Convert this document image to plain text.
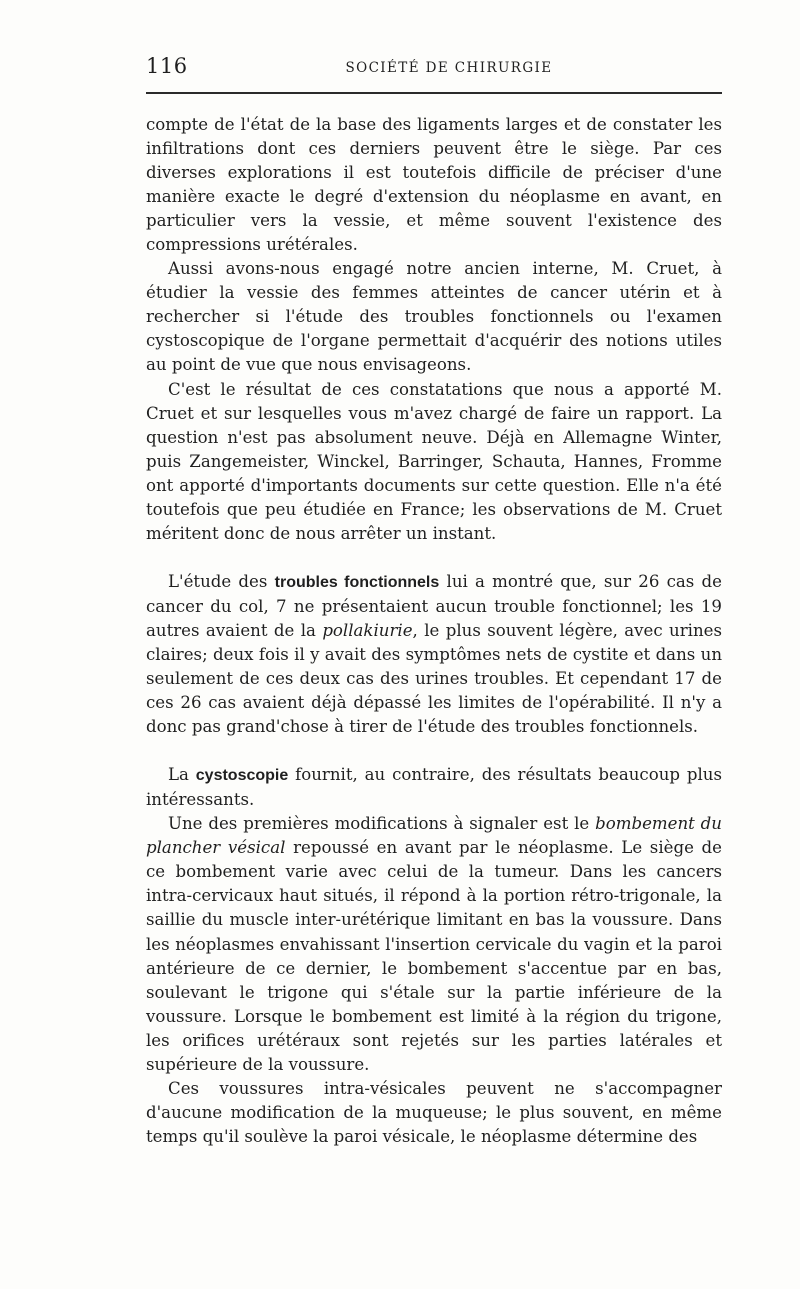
116	SOCIÉTÉ DE CHIRURGIE

compte de l'état de la base des ligaments larges et de constater les infiltrations dont ces derniers peuvent être le siège. Par ces diverses explorations il est toutefois difficile de préciser d'une manière exacte le degré d'extension du néoplasme en avant, en particulier vers la vessie, et même souvent l'existence des compressions urétérales.

Aussi avons-nous engagé notre ancien interne, M. Cruet, à étudier la vessie des femmes atteintes de cancer utérin et à rechercher si l'étude des troubles fonctionnels ou l'examen cystoscopique de l'organe permettait d'acquérir des notions utiles au point de vue que nous envisageons.

C'est le résultat de ces constatations que nous a apporté M. Cruet et sur lesquelles vous m'avez chargé de faire un rapport. La question n'est pas absolument neuve. Déjà en Allemagne Winter, puis Zangemeister, Winckel, Barringer, Schauta, Hannes, Fromme ont apporté d'importants documents sur cette question. Elle n'a été toutefois que peu étudiée en France; les observations de M. Cruet méritent donc de nous arrêter un instant.

L'étude des troubles fonctionnels lui a montré que, sur 26 cas de cancer du col, 7 ne présentaient aucun trouble fonctionnel; les 19 autres avaient de la pollakiurie, le plus souvent légère, avec urines claires; deux fois il y avait des symptômes nets de cystite et dans un seulement de ces deux cas des urines troubles. Et cependant 17 de ces 26 cas avaient déjà dépassé les limites de l'opérabilité. Il n'y a donc pas grand'chose à tirer de l'étude des troubles fonctionnels.

La cystoscopie fournit, au contraire, des résultats beaucoup plus intéressants.

Une des premières modifications à signaler est le bombement du plancher vésical repoussé en avant par le néoplasme. Le siège de ce bombement varie avec celui de la tumeur. Dans les cancers intra-cervicaux haut situés, il répond à la portion rétro-trigonale, la saillie du muscle inter-urétérique limitant en bas la voussure. Dans les néoplasmes envahissant l'insertion cervicale du vagin et la paroi antérieure de ce dernier, le bombement s'accentue par en bas, soulevant le trigone qui s'étale sur la partie inférieure de la voussure. Lorsque le bombement est limité à la région du trigone, les orifices urétéraux sont rejetés sur les parties latérales et supérieure de la voussure.

Ces voussures intra-vésicales peuvent ne s'accompagner d'aucune modification de la muqueuse; le plus souvent, en même temps qu'il soulève la paroi vésicale, le néoplasme détermine des
